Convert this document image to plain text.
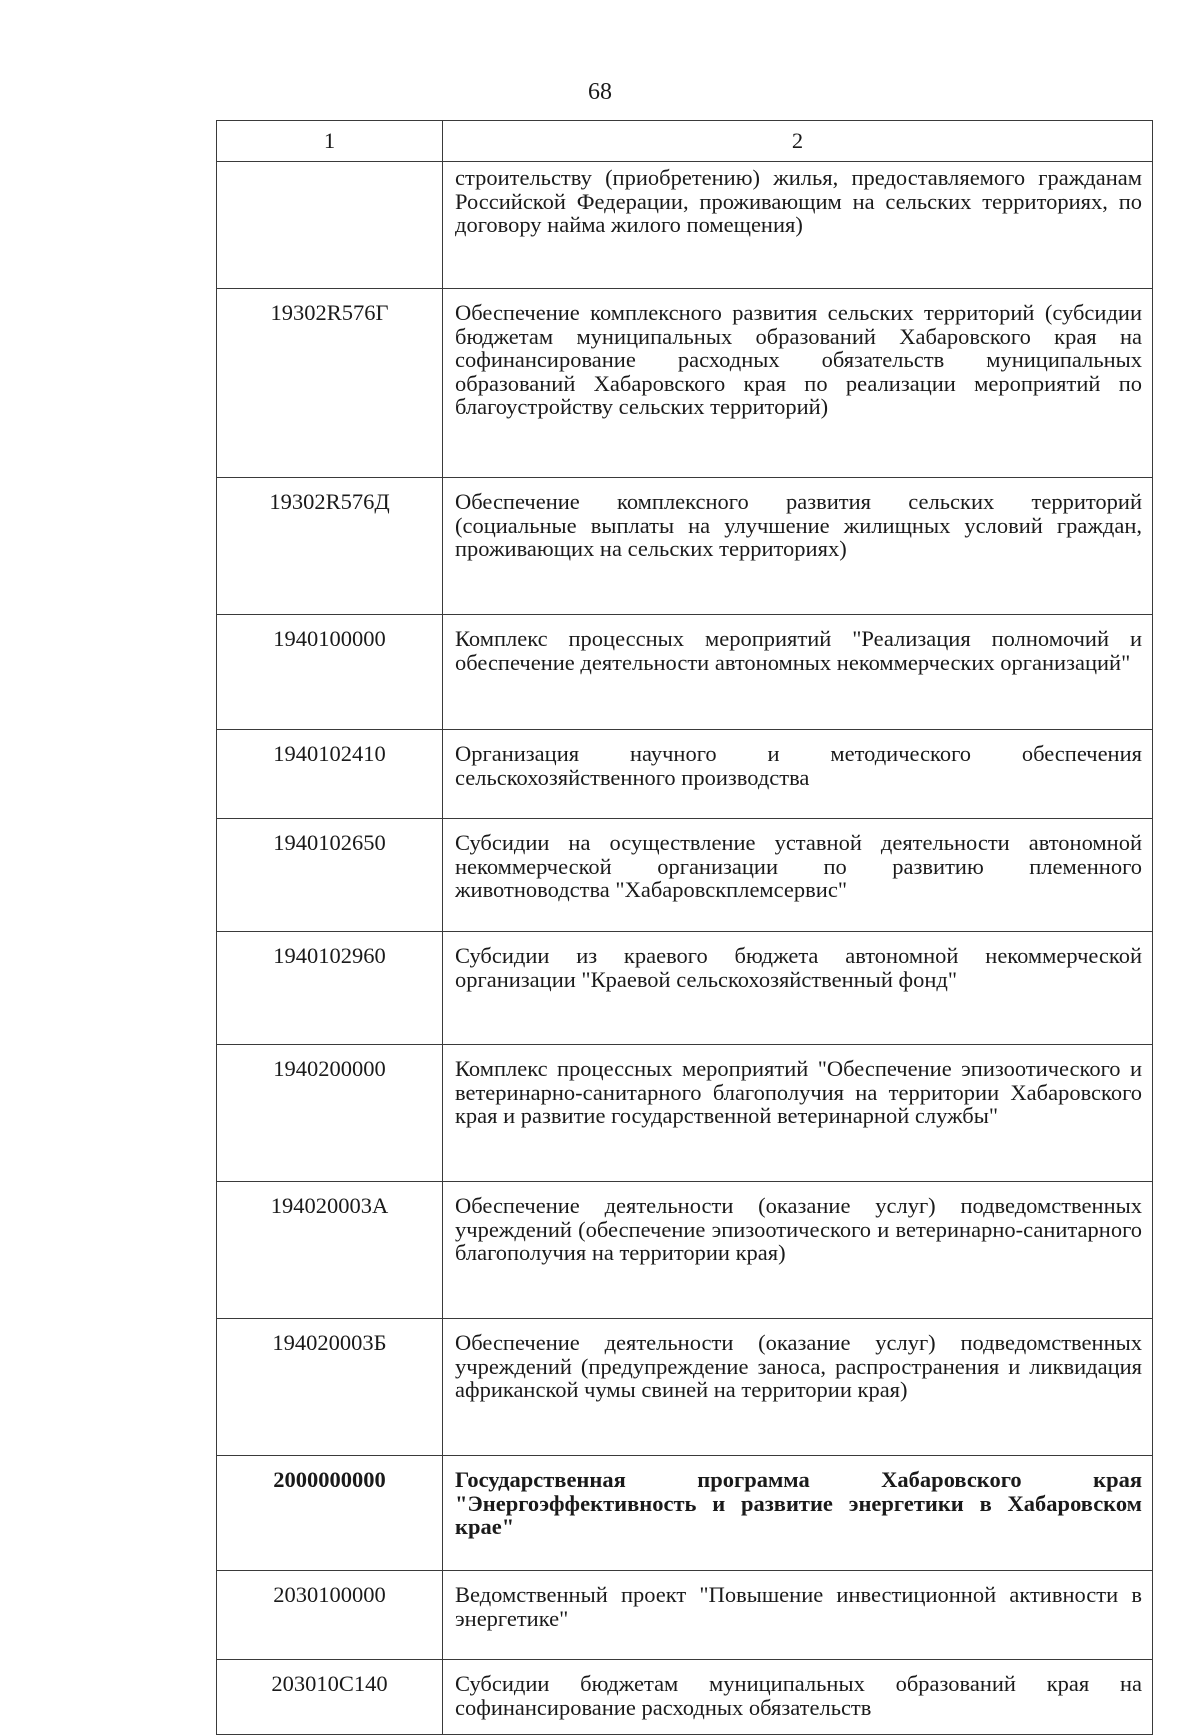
68
1	2
	строительству (приобретению) жилья, предоставляемого гражданам Российской Федерации, проживающим на сельских территориях, по договору найма жилого помещения)
19302R576Г	Обеспечение комплексного развития сельских территорий (субсидии бюджетам муниципальных образований Хабаровского края на софинансирование расходных обязательств муниципальных образований Хабаровского края по реализации мероприятий по благоустройству сельских территорий)
19302R576Д	Обеспечение комплексного развития сельских территорий (социальные выплаты на улучшение жилищных условий граждан, проживающих на сельских территориях)
1940100000	Комплекс процессных мероприятий "Реализация полномочий и обеспечение деятельности автономных некоммерческих организаций"
1940102410	Организация научного и методического обеспечения сельскохозяйственного производства
1940102650	Субсидии на осуществление уставной деятельности автономной некоммерческой организации по развитию племенного животноводства "Хабаровскплемсервис"
1940102960	Субсидии из краевого бюджета автономной некоммерческой организации "Краевой сельскохозяйственный фонд"
1940200000	Комплекс процессных мероприятий "Обеспечение эпизоотического и ветеринарно-санитарного благополучия на территории Хабаровского края и развитие государственной ветеринарной службы"
194020003А	Обеспечение деятельности (оказание услуг) подведомственных учреждений (обеспечение эпизоотического и ветеринарно-санитарного благополучия на территории края)
194020003Б	Обеспечение деятельности (оказание услуг) подведомственных учреждений (предупреждение заноса, распространения и ликвидация африканской чумы свиней на территории края)
2000000000	Государственная программа Хабаровского края "Энергоэффективность и развитие энергетики в Хабаровском крае"
2030100000	Ведомственный проект "Повышение инвестиционной активности в энергетике"
203010С140	Субсидии бюджетам муниципальных образований края на софинансирование расходных обязательств
